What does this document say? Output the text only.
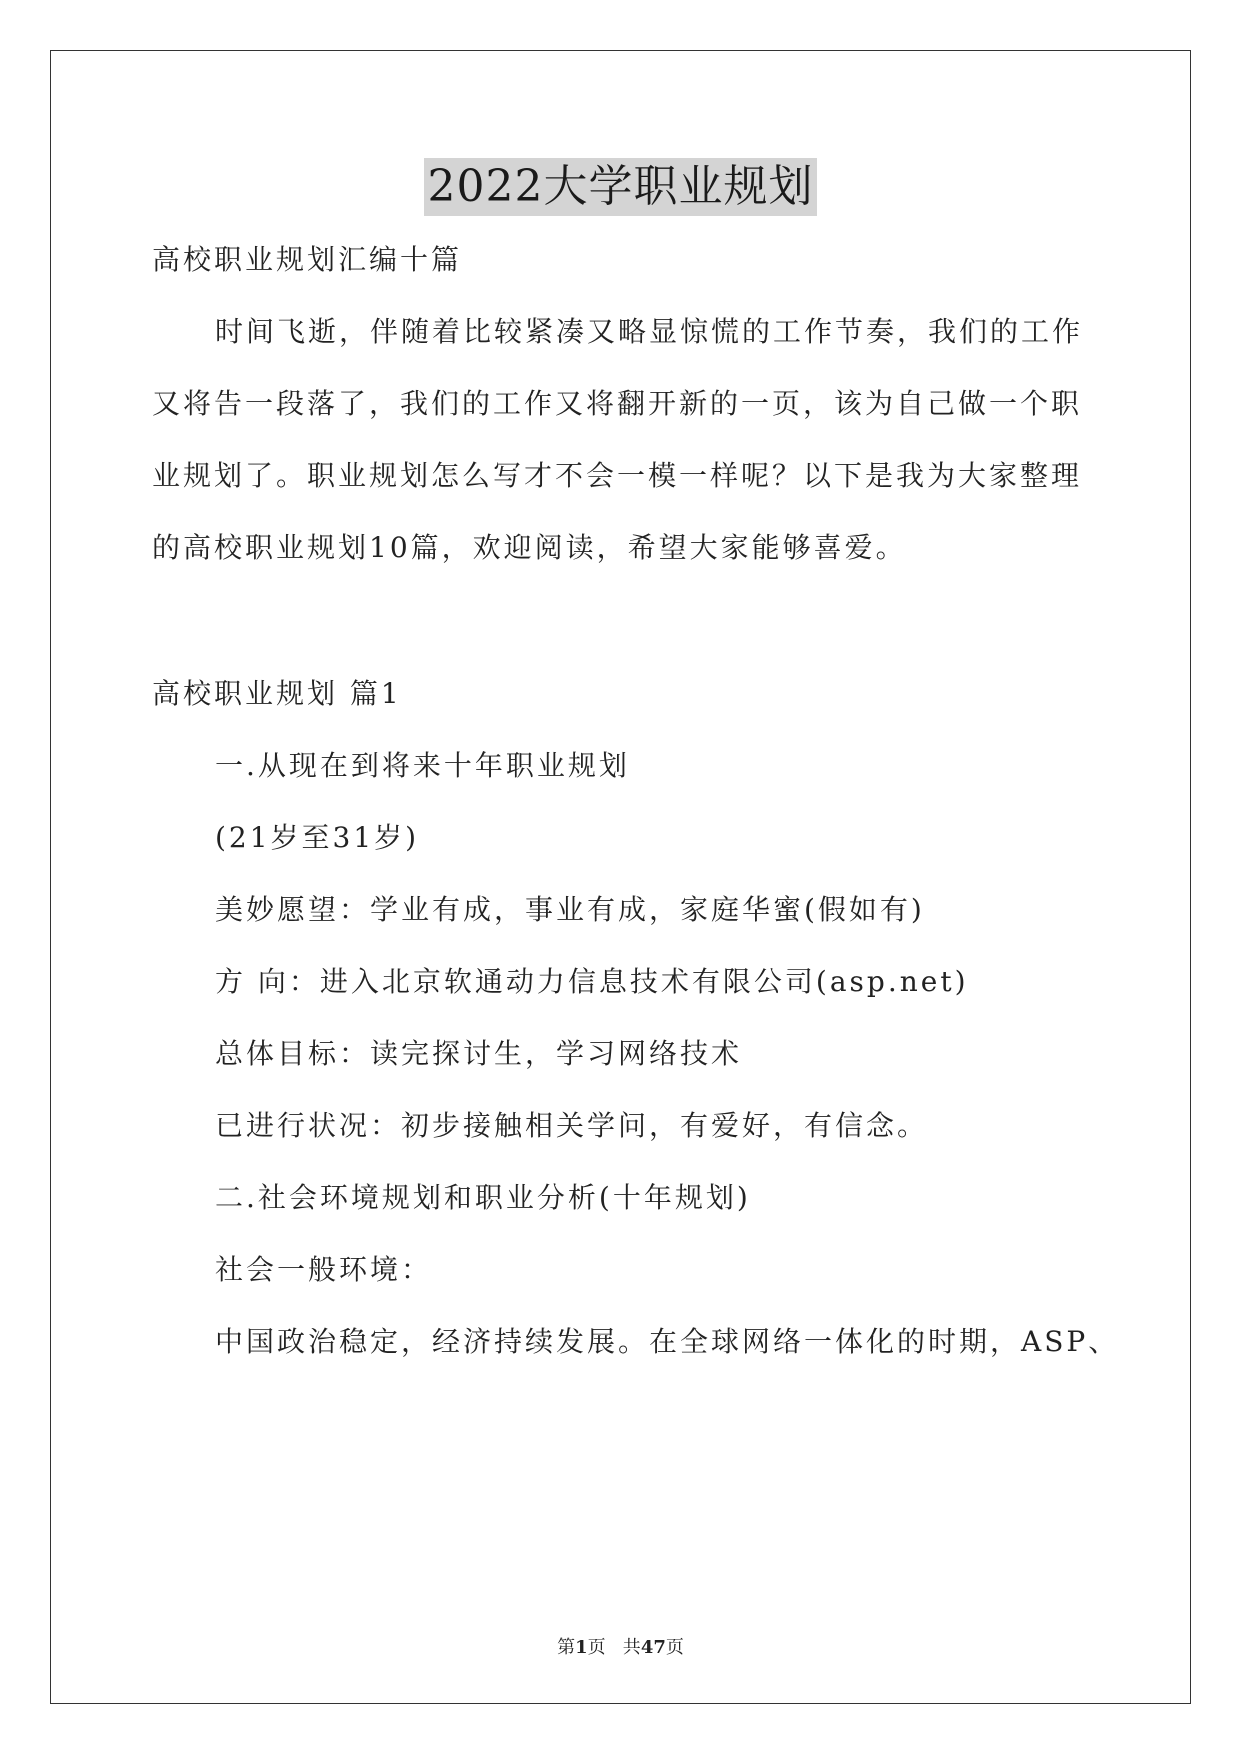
2022大学职业规划
高校职业规划汇编十篇
时间飞逝，伴随着比较紧凑又略显惊慌的工作节奏，我们的工作
又将告一段落了，我们的工作又将翻开新的一页，该为自己做一个职
业规划了。职业规划怎么写才不会一模一样呢？以下是我为大家整理
的高校职业规划10篇，欢迎阅读，希望大家能够喜爱。
高校职业规划 篇1
一.从现在到将来十年职业规划
(21岁至31岁)
美妙愿望：学业有成，事业有成，家庭华蜜(假如有)
方 向：进入北京软通动力信息技术有限公司(asp.net)
总体目标：读完探讨生，学习网络技术
已进行状况：初步接触相关学问，有爱好，有信念。
二.社会环境规划和职业分析(十年规划)
社会一般环境：
中国政治稳定，经济持续发展。在全球网络一体化的时期，ASP、
第1页   共47页
